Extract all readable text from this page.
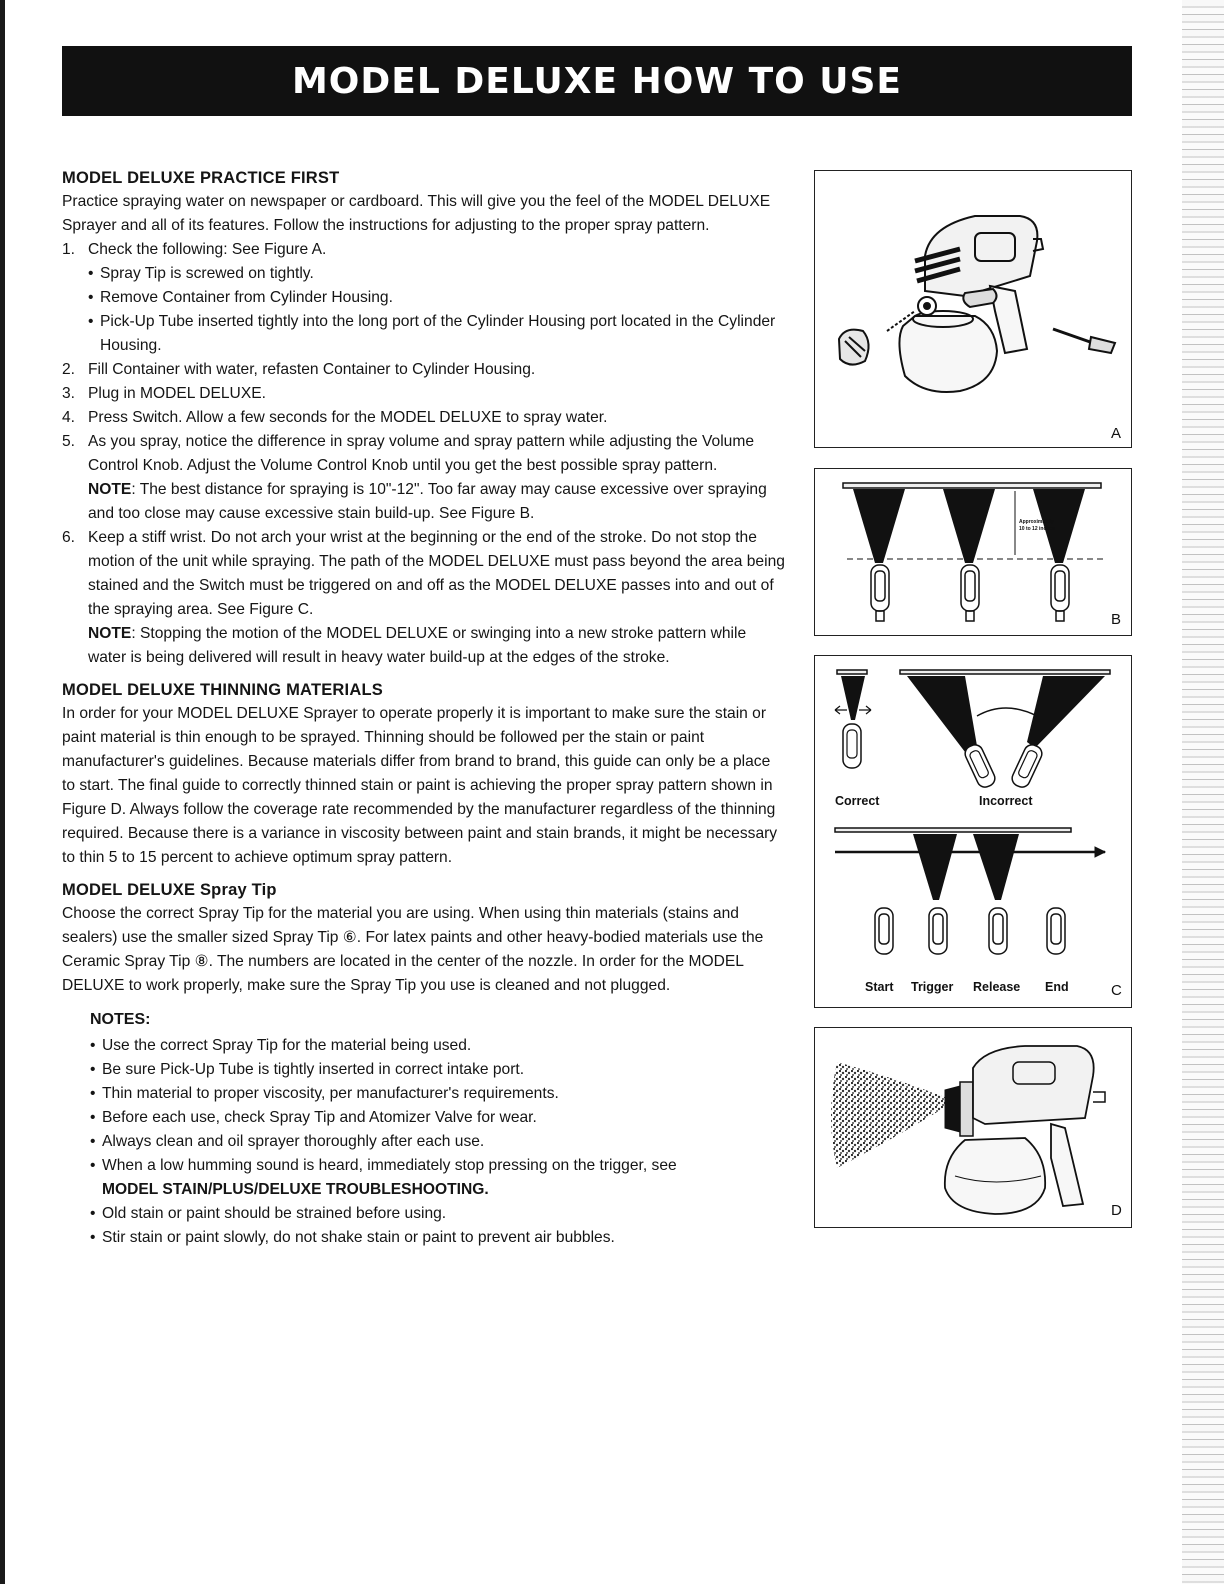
MODEL DELUXE HOW TO USE
MODEL DELUXE PRACTICE FIRST

Practice spraying water on newspaper or cardboard. This will give you the feel of the MODEL DELUXE Sprayer and all of its features. Follow the instructions for adjusting to the proper spray pattern.

1. Check the following: See Figure A.
• Spray Tip is screwed on tightly.
• Remove Container from Cylinder Housing.
• Pick-Up Tube inserted tightly into the long port of the Cylinder Housing port located in the Cylinder Housing.
2. Fill Container with water, refasten Container to Cylinder Housing.
3. Plug in MODEL DELUXE.
4. Press Switch. Allow a few seconds for the MODEL DELUXE to spray water.
5. As you spray, notice the difference in spray volume and spray pattern while adjusting the Volume Control Knob. Adjust the Volume Control Knob until you get the best possible spray pattern.

NOTE: The best distance for spraying is 10"-12". Too far away may cause excessive over spraying and too close may cause excessive stain build-up. See Figure B.

6. Keep a stiff wrist. Do not arch your wrist at the beginning or the end of the stroke. Do not stop the motion of the unit while spraying. The path of the MODEL DELUXE must pass beyond the area being stained and the Switch must be triggered on and off as the MODEL DELUXE passes into and out of the spraying area. See Figure C.

NOTE: Stopping the motion of the MODEL DELUXE or swinging into a new stroke pattern while water is being delivered will result in heavy water build-up at the edges of the stroke.

MODEL DELUXE THINNING MATERIALS

In order for your MODEL DELUXE Sprayer to operate properly it is important to make sure the stain or paint material is thin enough to be sprayed. Thinning should be followed per the stain or paint manufacturer's guidelines. Because materials differ from brand to brand, this guide can only be a place to start. The final guide to correctly thinned stain or paint is achieving the proper spray pattern shown in Figure D. Always follow the coverage rate recommended by the manufacturer regardless of the thinning required. Because there is a variance in viscosity between paint and stain brands, it might be necessary to thin 5 to 15 percent to achieve optimum spray pattern.

MODEL DELUXE Spray Tip

Choose the correct Spray Tip for the material you are using. When using thin materials (stains and sealers) use the smaller sized Spray Tip ⑥. For latex paints and other heavy-bodied materials use the Ceramic Spray Tip ⑧. The numbers are located in the center of the nozzle. In order for the MODEL DELUXE to work properly, make sure the Spray Tip you use is cleaned and not plugged.

NOTES:
• Use the correct Spray Tip for the material being used.
• Be sure Pick-Up Tube is tightly inserted in correct intake port.
• Thin material to proper viscosity, per manufacturer's requirements.
• Before each use, check Spray Tip and Atomizer Valve for wear.
• Always clean and oil sprayer thoroughly after each use.
• When a low humming sound is heard, immediately stop pressing on the trigger, see
MODEL STAIN/PLUS/DELUXE TROUBLESHOOTING.
• Old stain or paint should be strained before using.
• Stir stain or paint slowly, do not shake stain or paint to prevent air bubbles.
A
Approximately
10 to 12 inches
B
Correct	Incorrect
Start Trigger Release End	C
D
